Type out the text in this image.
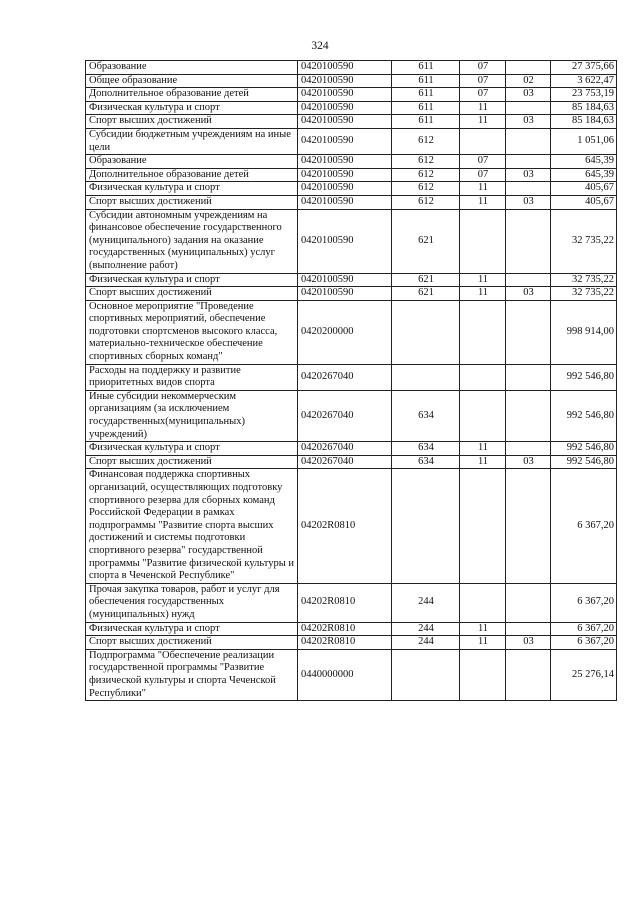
324
Образование	0420100590	611	07		27 375,66
Общее образование	0420100590	611	07	02	3 622,47
Дополнительное образование детей	0420100590	611	07	03	23 753,19
Физическая культура и спорт	0420100590	611	11		85 184,63
Спорт высших достижений	0420100590	611	11	03	85 184,63
Субсидии бюджетным учреждениям на иные цели	0420100590	612			1 051,06
Образование	0420100590	612	07		645,39
Дополнительное образование детей	0420100590	612	07	03	645,39
Физическая культура и спорт	0420100590	612	11		405,67
Спорт высших достижений	0420100590	612	11	03	405,67
Субсидии автономным учреждениям на финансовое обеспечение государственного (муниципального) задания на оказание государственных (муниципальных) услуг (выполнение работ)	0420100590	621			32 735,22
Физическая культура и спорт	0420100590	621	11		32 735,22
Спорт высших достижений	0420100590	621	11	03	32 735,22
Основное мероприятие "Проведение спортивных мероприятий, обеспечение подготовки спортсменов высокого класса, материально-техническое обеспечение спортивных сборных команд"	0420200000				998 914,00
Расходы на поддержку и развитие приоритетных видов спорта	0420267040				992 546,80
Иные субсидии некоммерческим организациям (за исключением государственных(муниципальных) учреждений)	0420267040	634			992 546,80
Физическая культура и спорт	0420267040	634	11		992 546,80
Спорт высших достижений	0420267040	634	11	03	992 546,80
Финансовая поддержка спортивных организаций, осуществляющих подготовку спортивного резерва для сборных команд Российской Федерации в рамках подпрограммы "Развитие спорта высших достижений и системы подготовки спортивного резерва" государственной программы "Развитие физической культуры и спорта в Чеченской Республике"	04202R0810				6 367,20
Прочая закупка товаров, работ и услуг для обеспечения государственных (муниципальных) нужд	04202R0810	244			6 367,20
Физическая культура и спорт	04202R0810	244	11		6 367,20
Спорт высших достижений	04202R0810	244	11	03	6 367,20
Подпрограмма "Обеспечение реализации государственной программы "Развитие физической культуры и спорта Чеченской Республики"	0440000000				25 276,14
